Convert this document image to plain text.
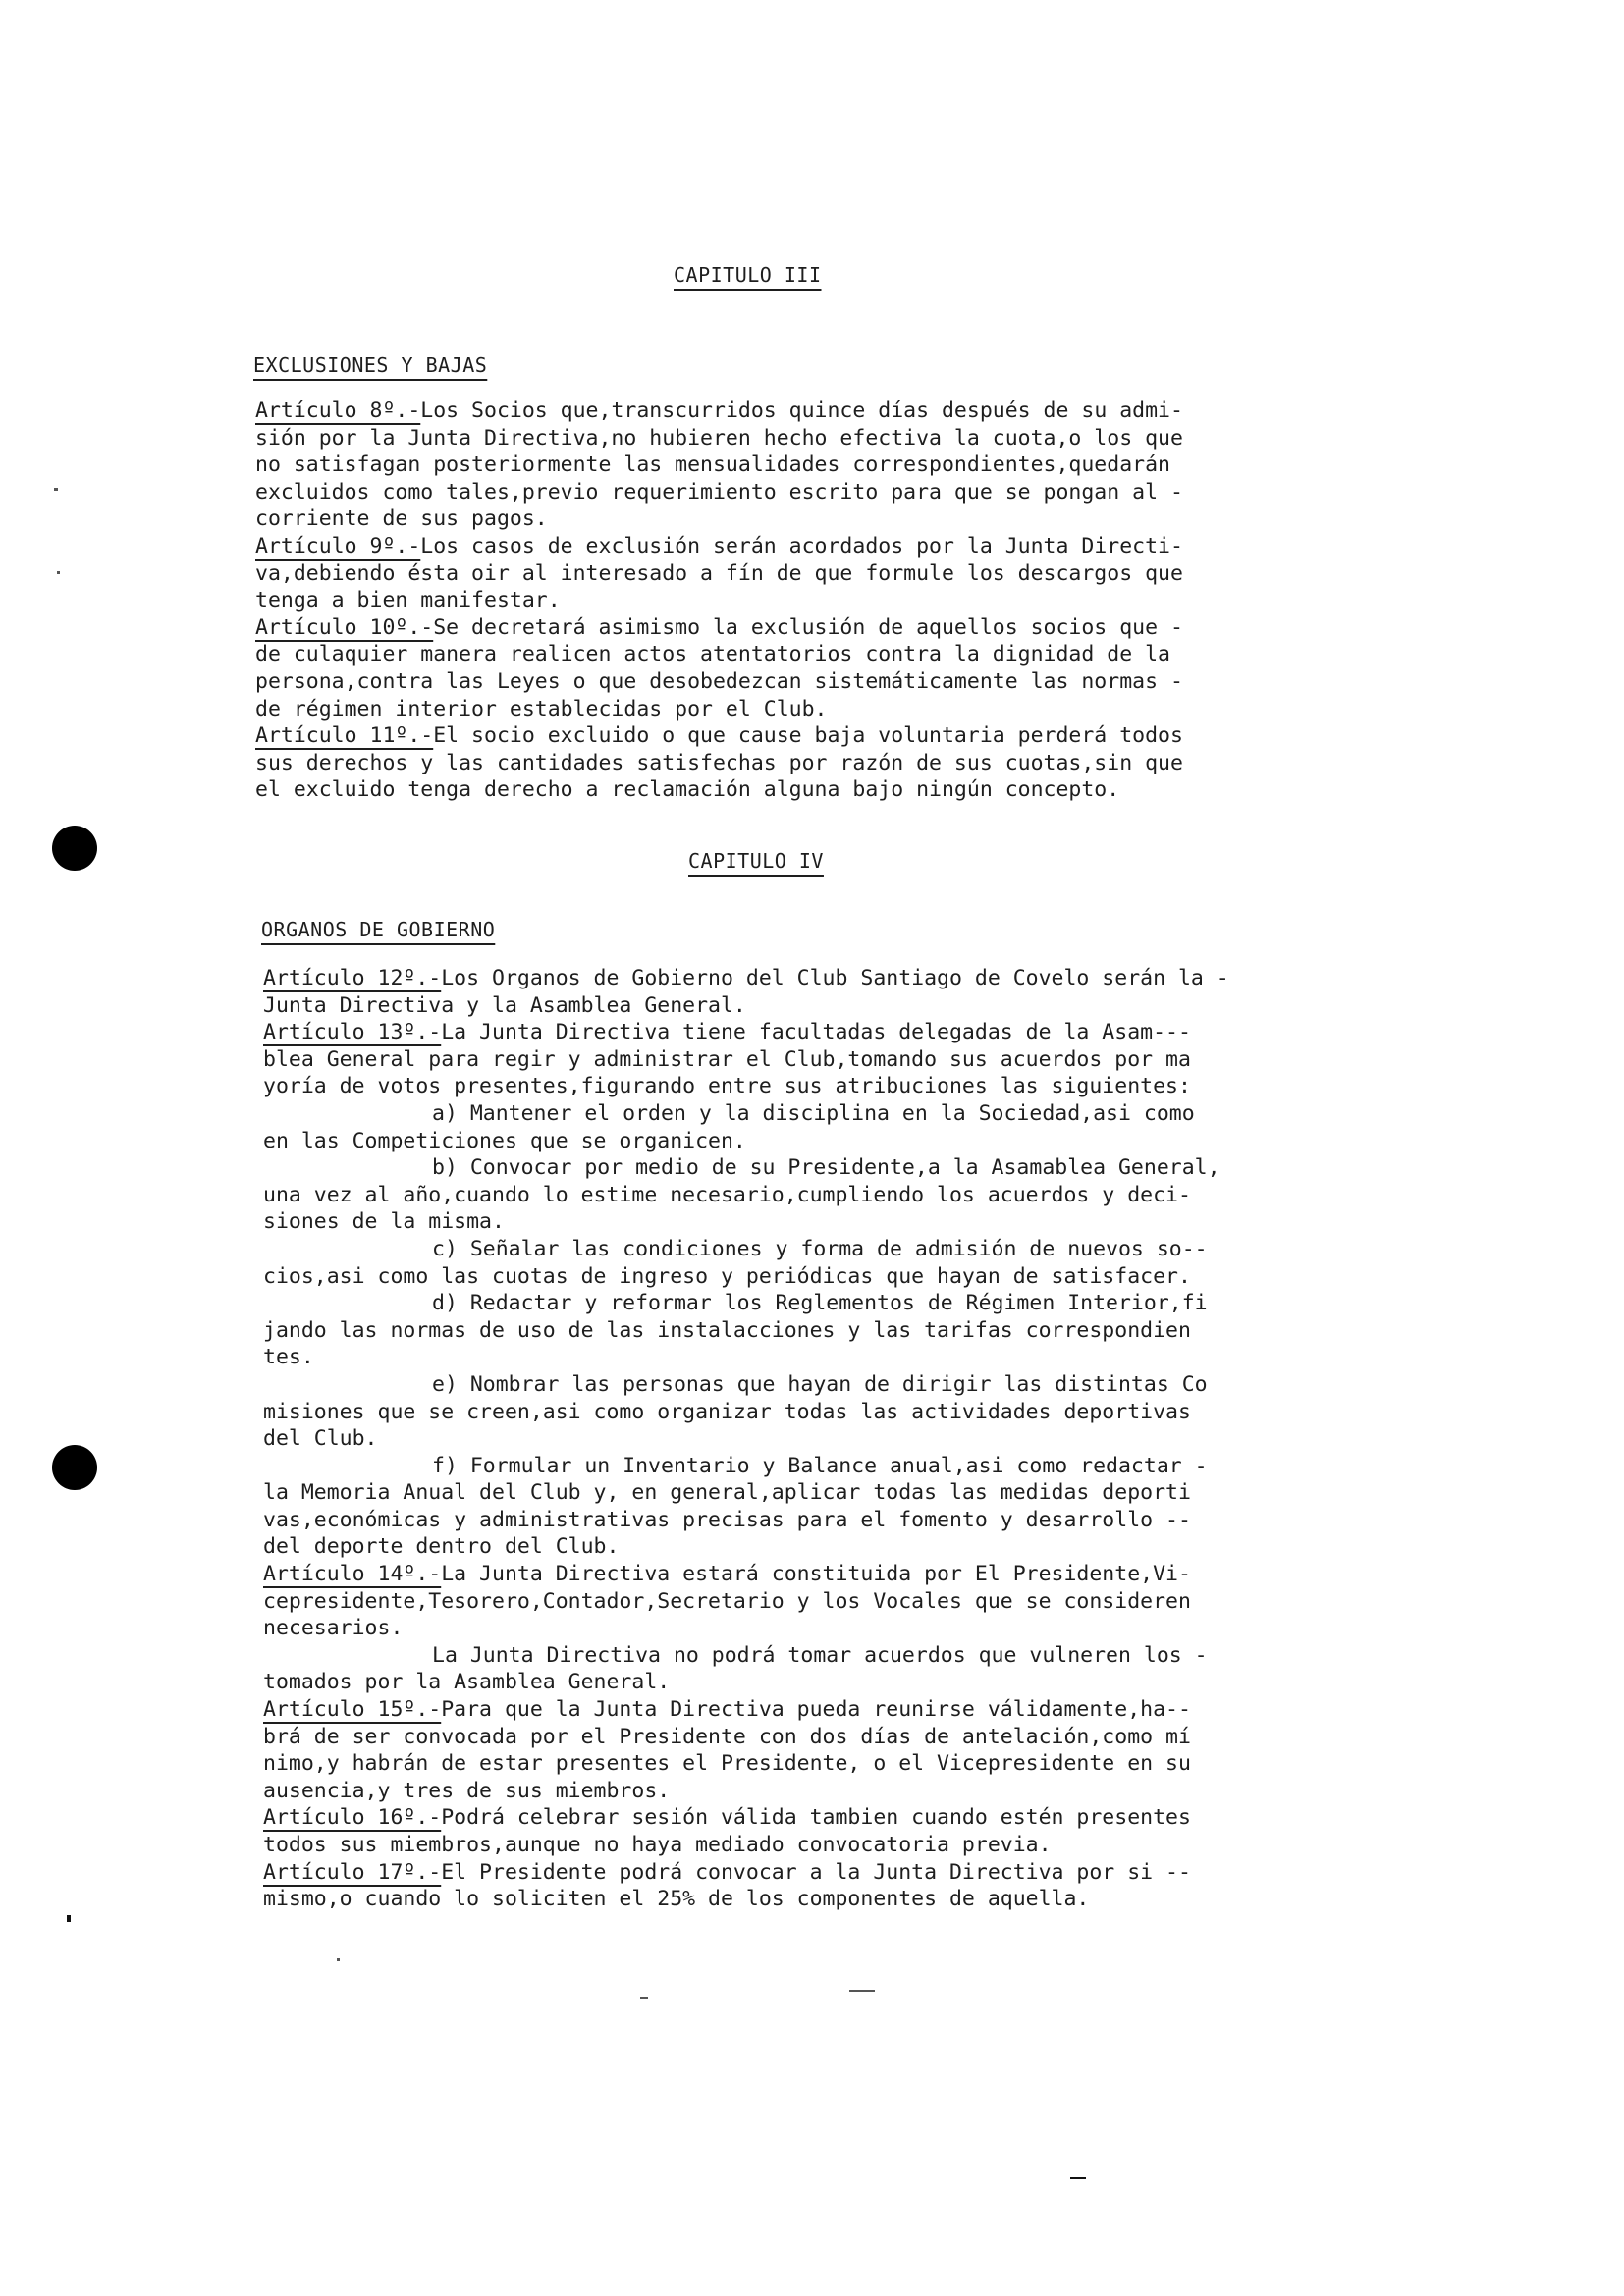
CAPITULO III
EXCLUSIONES Y BAJAS
Artículo 8º.-Los Socios que,transcurridos quince días después de su admi-
sión por la Junta Directiva,no hubieren hecho efectiva la cuota,o los que
no satisfagan posteriormente las mensualidades correspondientes,quedarán
excluidos como tales,previo requerimiento escrito para que se pongan al -
corriente de sus pagos.
Artículo 9º.-Los casos de exclusión serán acordados por la Junta Directi-
va,debiendo ésta oir al interesado a fín de que formule los descargos que
tenga a bien manifestar.
Artículo 10º.-Se decretará asimismo la exclusión de aquellos socios que -
de culaquier manera realicen actos atentatorios contra la dignidad de la
persona,contra las Leyes o que desobedezcan sistemáticamente las normas -
de régimen interior establecidas por el Club.
Artículo 11º.-El socio excluido o que cause baja voluntaria perderá todos
sus derechos y las cantidades satisfechas por razón de sus cuotas,sin que
el excluido tenga derecho a reclamación alguna bajo ningún concepto.
CAPITULO IV
ORGANOS DE GOBIERNO
Artículo 12º.-Los Organos de Gobierno del Club Santiago de Covelo serán la -
Junta Directiva y la Asamblea General.
Artículo 13º.-La Junta Directiva tiene facultadas delegadas de la Asam---
blea General para regir y administrar el Club,tomando sus acuerdos por ma
yoría de votos presentes,figurando entre sus atribuciones las siguientes:
a) Mantener el orden y la disciplina en la Sociedad,asi como
en las Competiciones que se organicen.
b) Convocar por medio de su Presidente,a la Asamablea General,
una vez al año,cuando lo estime necesario,cumpliendo los acuerdos y deci-
siones de la misma.
c) Señalar las condiciones y forma de admisión de nuevos so--
cios,asi como las cuotas de ingreso y periódicas que hayan de satisfacer.
d) Redactar y reformar los Reglementos de Régimen Interior,fi
jando las normas de uso de las instalacciones y las tarifas correspondien
tes.
e) Nombrar las personas que hayan de dirigir las distintas Co
misiones que se creen,asi como organizar todas las actividades deportivas
del Club.
f) Formular un Inventario y Balance anual,asi como redactar -
la Memoria Anual del Club y, en general,aplicar todas las medidas deporti
vas,económicas y administrativas precisas para el fomento y desarrollo --
del deporte dentro del Club.
Artículo 14º.-La Junta Directiva estará constituida por El Presidente,Vi-
cepresidente,Tesorero,Contador,Secretario y los Vocales que se consideren
necesarios.
La Junta Directiva no podrá tomar acuerdos que vulneren los -
tomados por la Asamblea General.
Artículo 15º.-Para que la Junta Directiva pueda reunirse válidamente,ha--
brá de ser convocada por el Presidente con dos días de antelación,como mí
nimo,y habrán de estar presentes el Presidente, o el Vicepresidente en su
ausencia,y tres de sus miembros.
Artículo 16º.-Podrá celebrar sesión válida tambien cuando estén presentes
todos sus miembros,aunque no haya mediado convocatoria previa.
Artículo 17º.-El Presidente podrá convocar a la Junta Directiva por si --
mismo,o cuando lo soliciten el 25% de los componentes de aquella.
